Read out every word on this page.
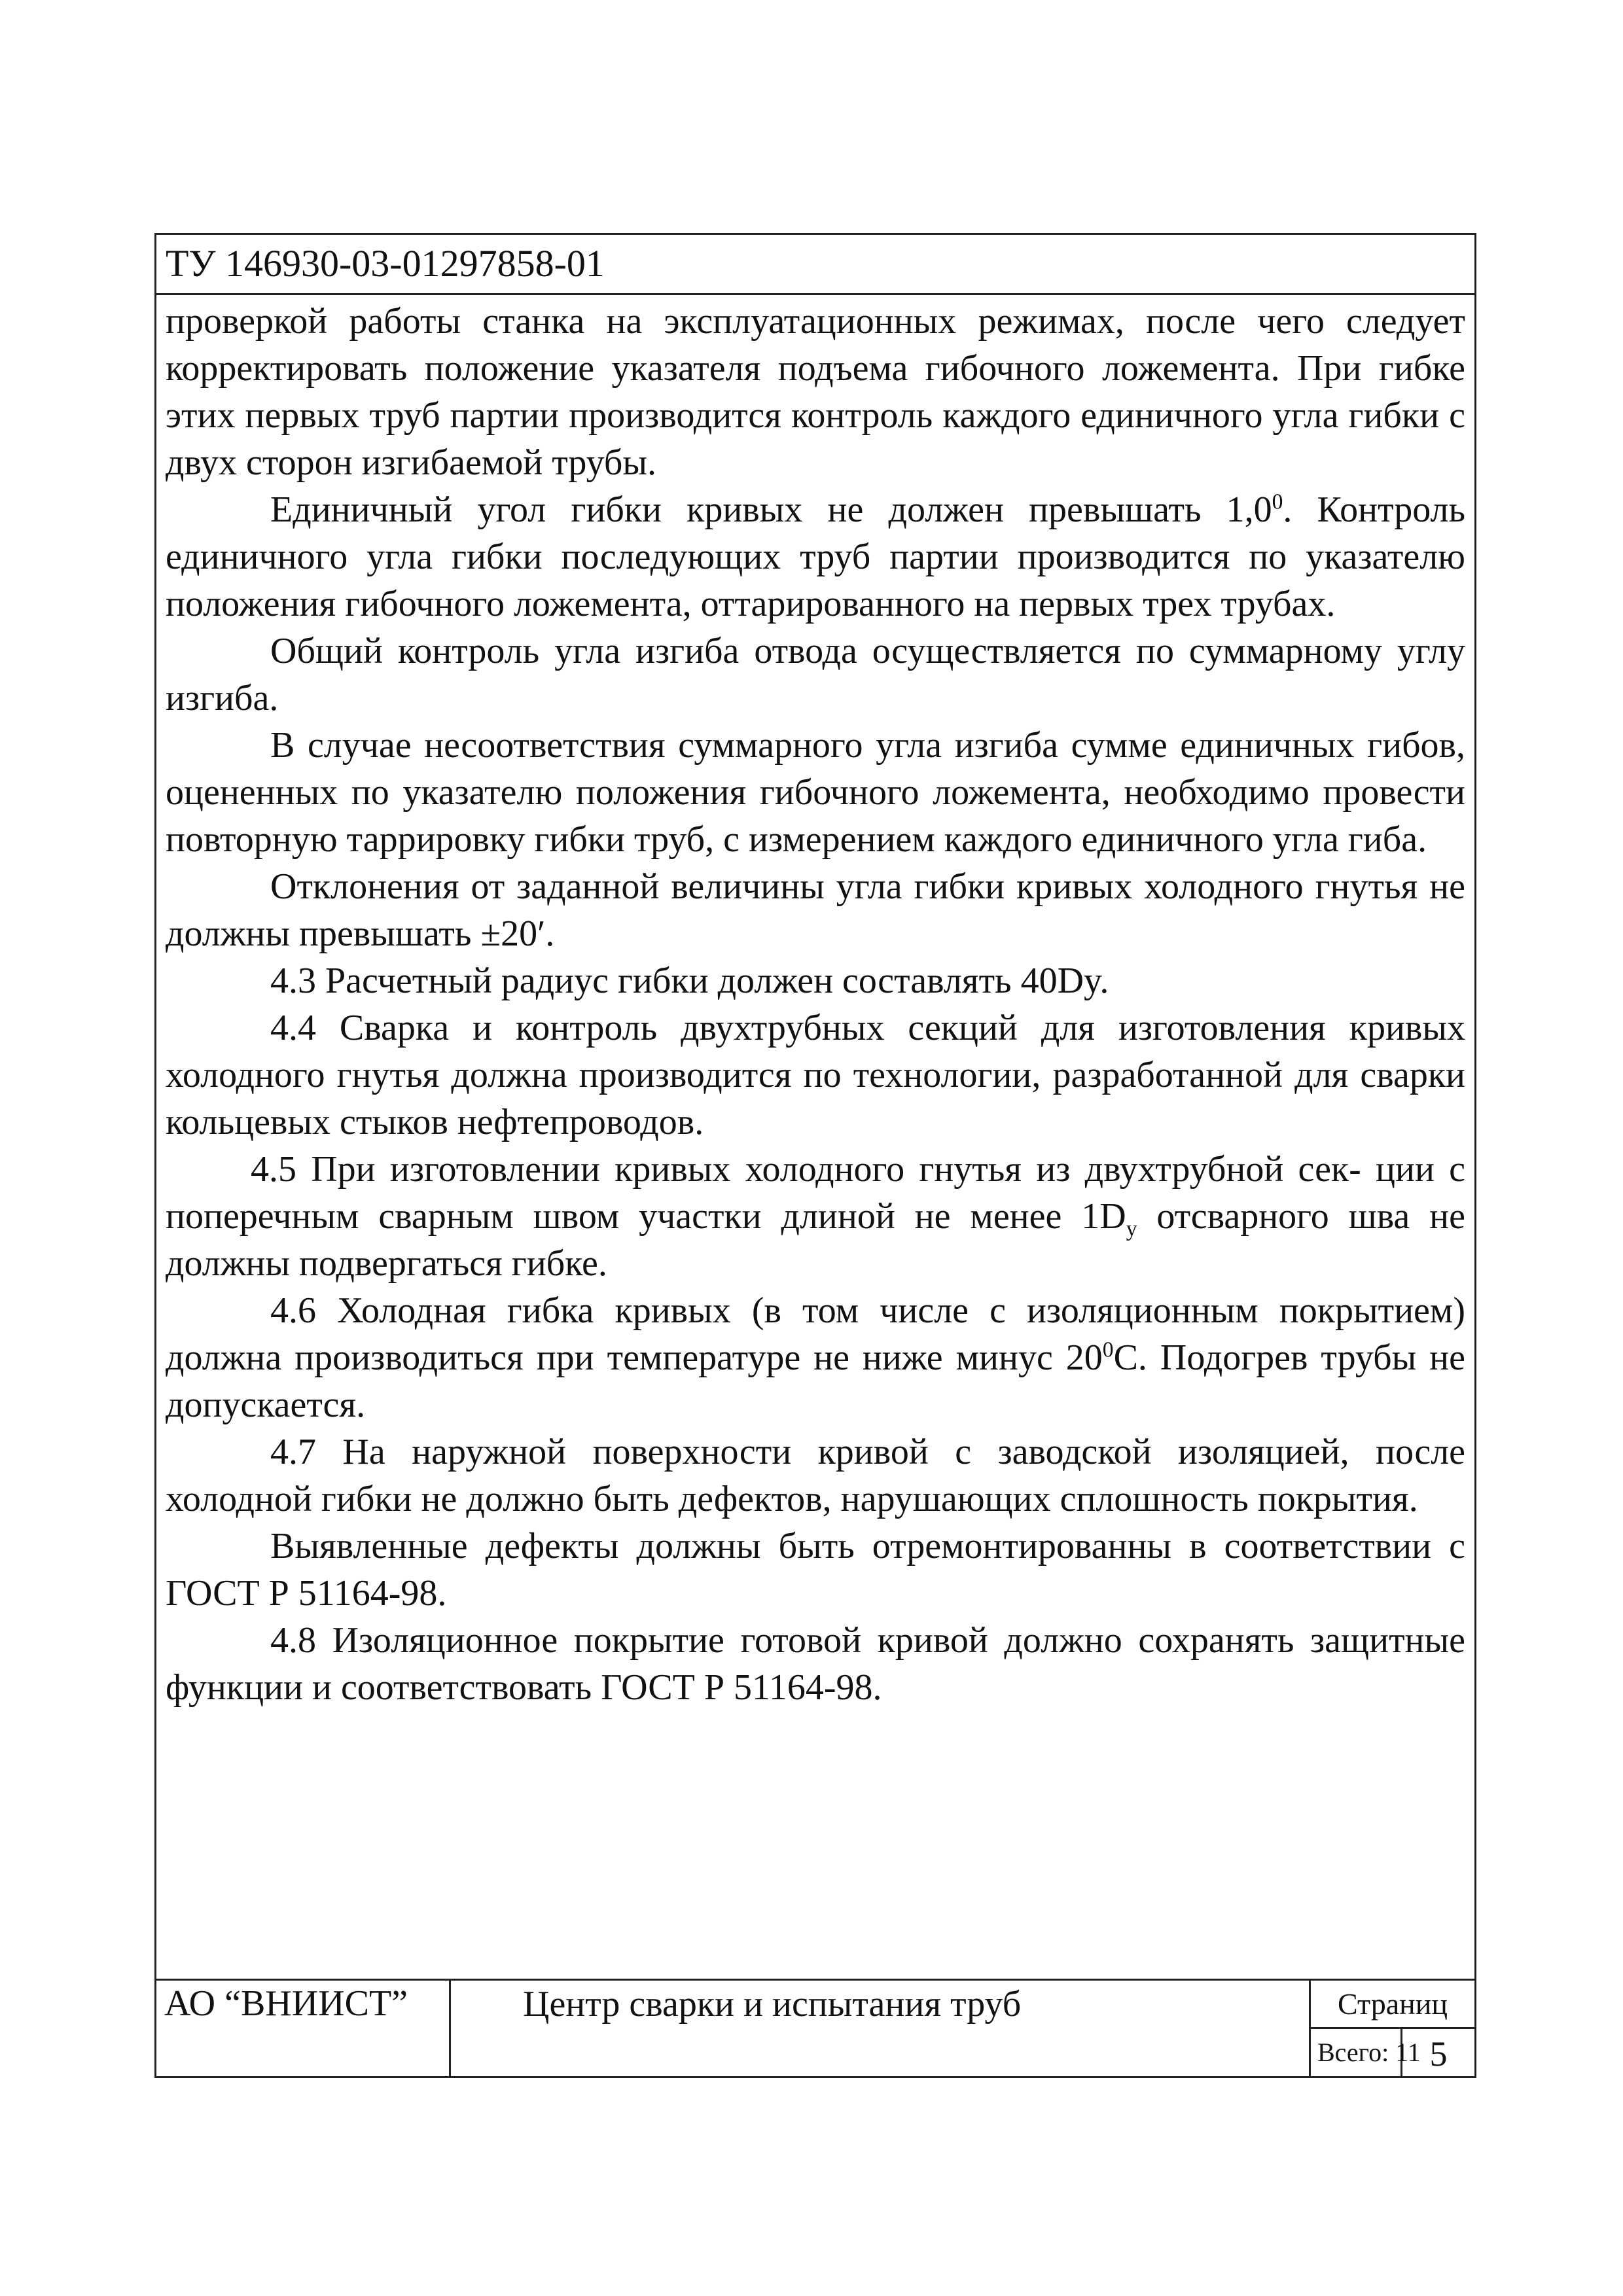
ТУ 146930-03-01297858-01

проверкой работы станка на эксплуатационных режимах, после чего следует корректировать положение указателя подъема гибочного ложемента. При гибке этих первых труб партии производится контроль каждого единичного угла гибки с двух сторон изгибаемой трубы.

Единичный угол гибки кривых не должен превышать $1,0^0$. Контроль единичного угла гибки последующих труб партии производится по указателю положения гибочного ложемента, оттарированного на первых трех трубах.

Общий контроль угла изгиба отвода осуществляется по суммарному углу изгиба.

В случае несоответствия суммарного угла изгиба сумме единичных гибов, оцененных по указателю положения гибочного ложемента, необходимо провести повторную таррировку гибки труб, с измерением каждого единичного угла гиба.

Отклонения от заданной величины угла гибки кривых холодного гнутья не должны превышать ±20′.

4.3 Расчетный радиус гибки должен составлять 40Dy.

4.4 Сварка и контроль двухтрубных секций для изготовления кривых холодного гнутья должна производится по технологии, разработанной для сварки кольцевых стыков нефтепроводов.

4.5 При изготовлении кривых холодного гнутья из двухтрубной сек- ции с поперечным сварным швом участки длиной не менее $1D_y$ отсварного шва не должны подвергаться гибке.

4.6 Холодная гибка кривых (в том числе с изоляционным покрытием) должна производиться при температуре не ниже минус $20^0С$. Подогрев трубы не допускается.

4.7 На наружной поверхности кривой с заводской изоляцией, после холодной гибки не должно быть дефектов, нарушающих сплошность покрытия.

Выявленные дефекты должны быть отремонтированны в соответствии с ГОСТ Р 51164-98.

4.8 Изоляционное покрытие готовой кривой должно сохранять защитные функции и соответствовать ГОСТ Р 51164-98.

АО “ВНИИСТ”	Центр сварки и испытания труб	Страниц
Всего: 11 5
